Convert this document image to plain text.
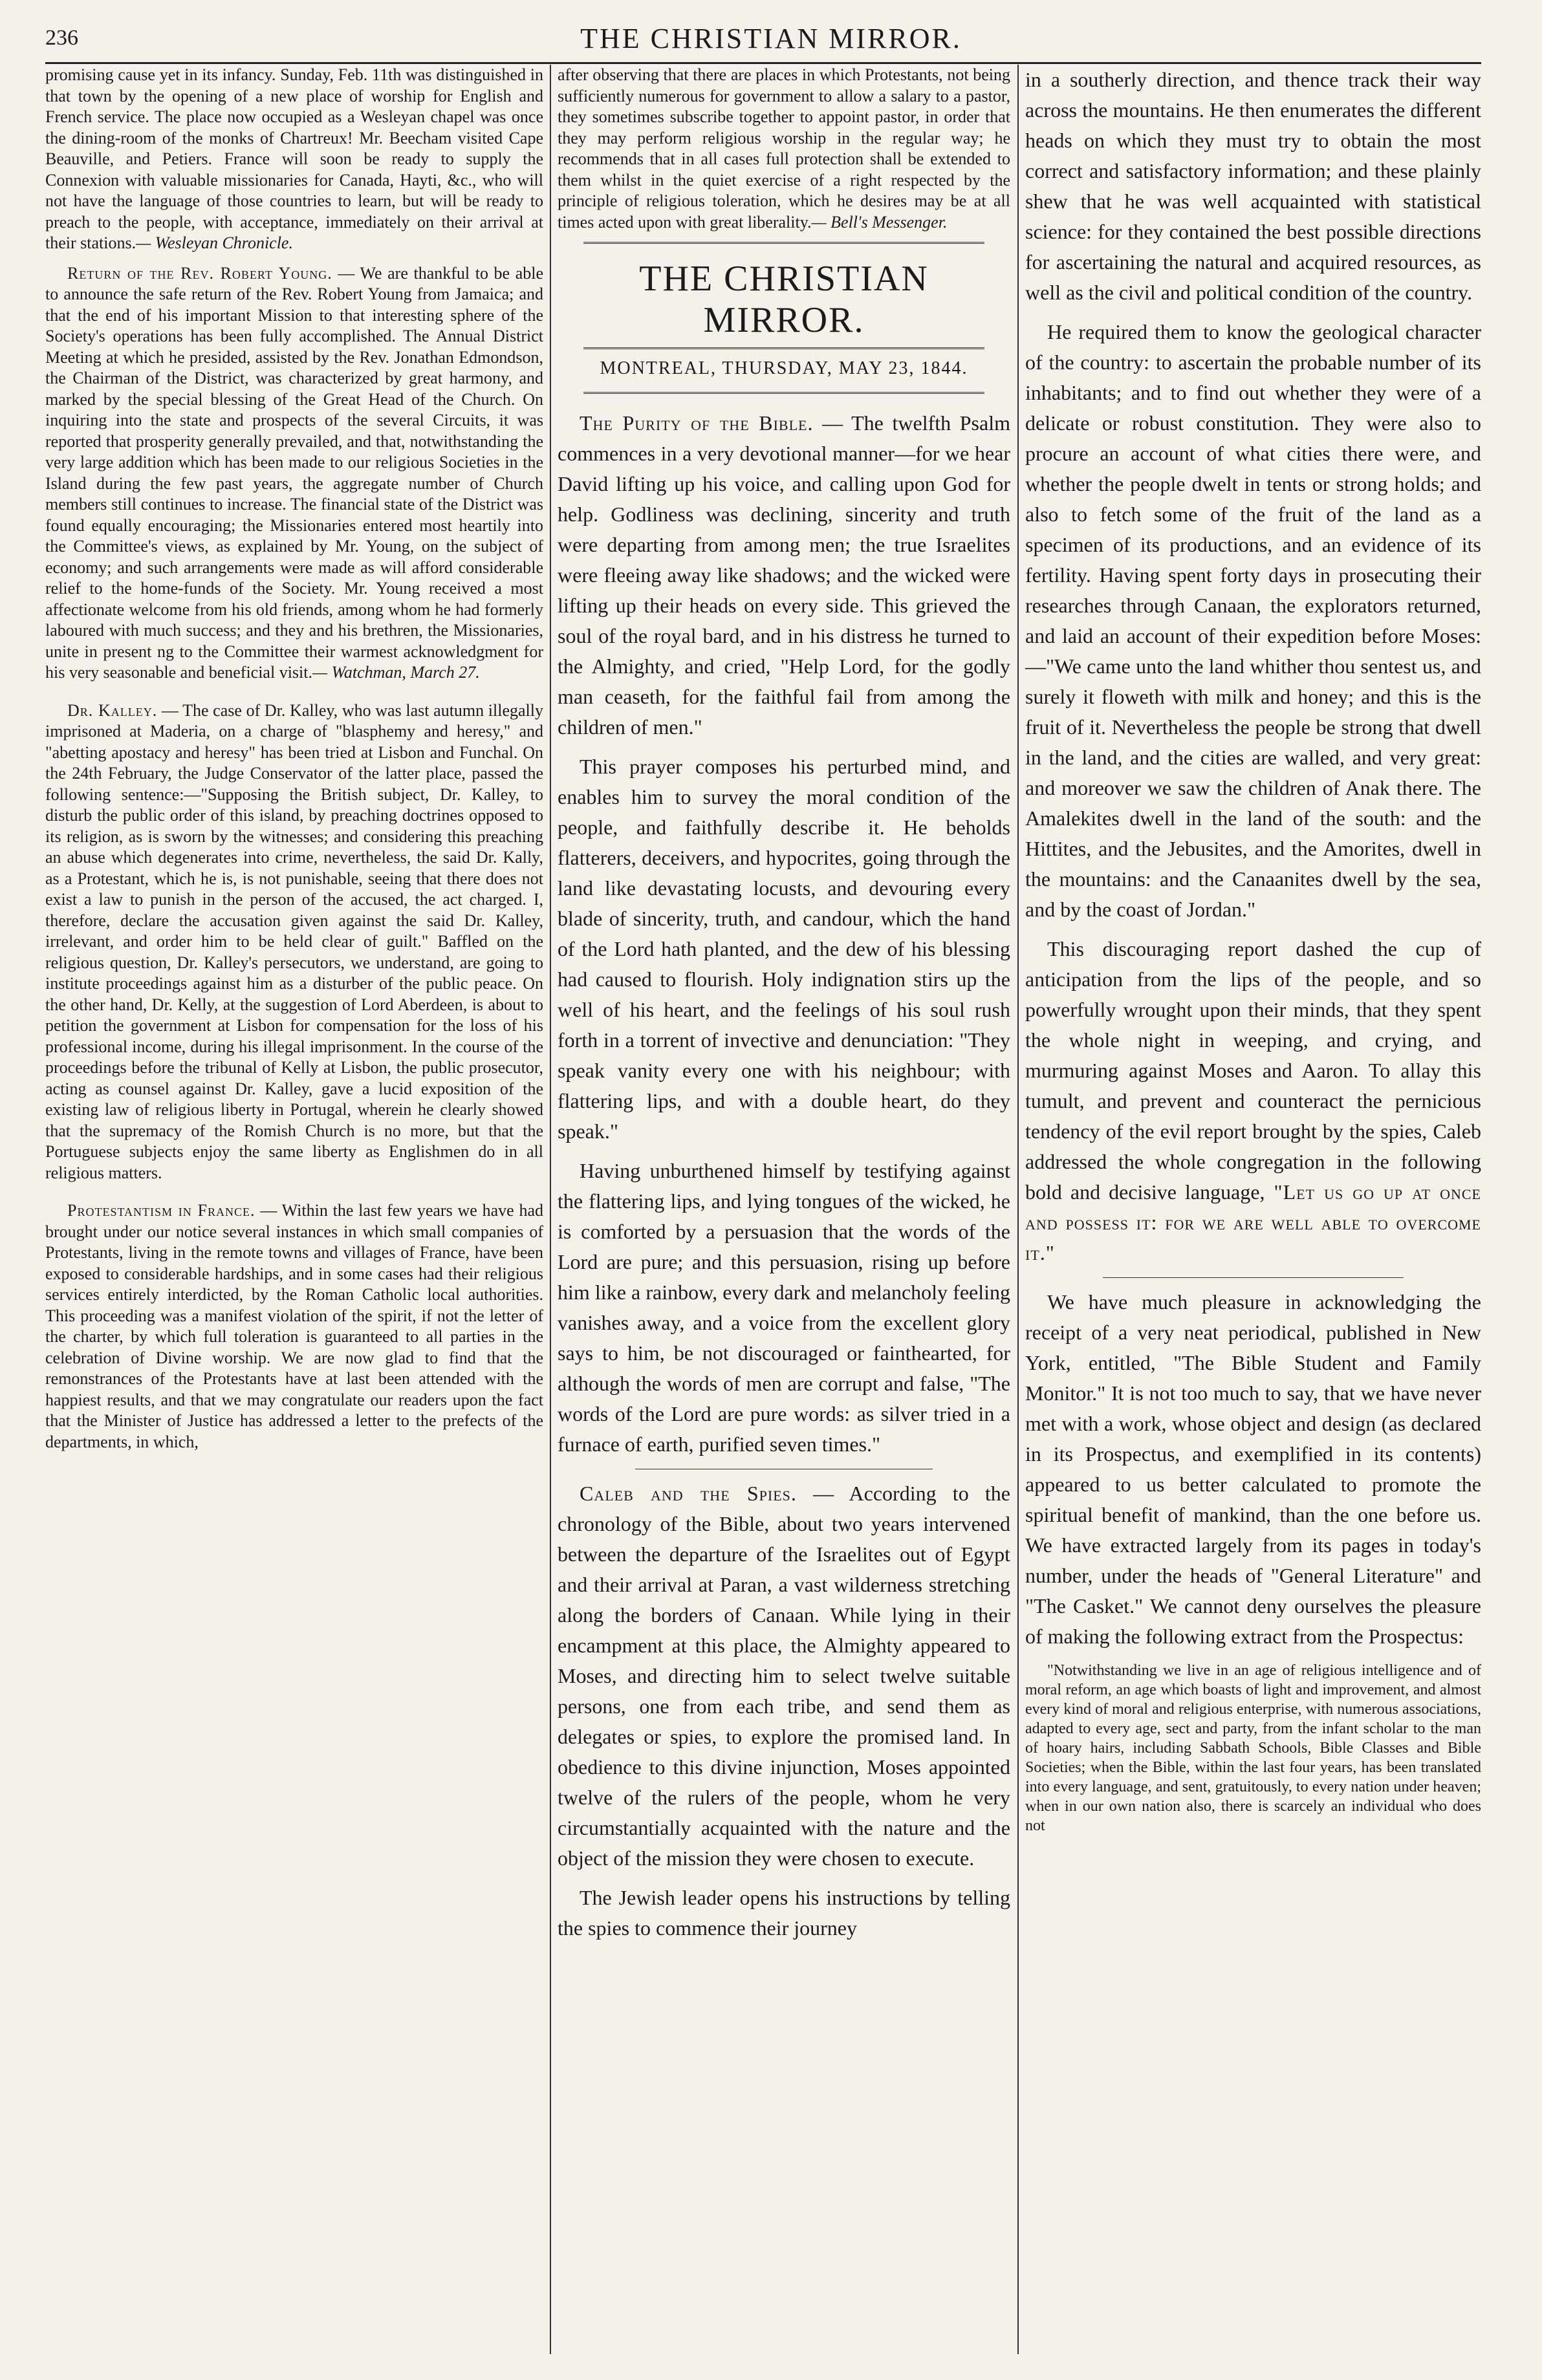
236	THE CHRISTIAN MIRROR.

promising cause yet in its infancy. Sunday, Feb. 11th was distinguished in that town by the opening of a new place of worship for English and French service. The place now occupied as a Wesleyan chapel was once the dining-room of the monks of Chartreux! Mr. Beecham visited Cape Beauville, and Petiers. France will soon be ready to supply the Connexion with valuable missionaries for Canada, Hayti, &c., who will not have the language of those countries to learn, but will be ready to preach to the people, with acceptance, immediately on their arrival at their stations.— Wesleyan Chronicle.

Return of the Rev. Robert Young. — We are thankful to be able to announce the safe return of the Rev. Robert Young from Jamaica; and that the end of his important Mission to that interesting sphere of the Society's operations has been fully accomplished. The Annual District Meeting at which he presided, assisted by the Rev. Jonathan Edmondson, the Chairman of the District, was characterized by great harmony, and marked by the special blessing of the Great Head of the Church. On inquiring into the state and prospects of the several Circuits, it was reported that prosperity generally prevailed, and that, notwithstanding the very large addition which has been made to our religious Societies in the Island during the few past years, the aggregate number of Church members still continues to increase. The financial state of the District was found equally encouraging; the Missionaries entered most heartily into the Committee's views, as explained by Mr. Young, on the subject of economy; and such arrangements were made as will afford considerable relief to the home-funds of the Society. Mr. Young received a most affectionate welcome from his old friends, among whom he had formerly laboured with much success; and they and his brethren, the Missionaries, unite in present ng to the Committee their warmest acknowledgment for his very seasonable and beneficial visit.— Watchman, March 27.

Dr. Kalley. — The case of Dr. Kalley, who was last autumn illegally imprisoned at Maderia, on a charge of "blasphemy and heresy," and "abetting apostacy and heresy" has been tried at Lisbon and Funchal. On the 24th February, the Judge Conservator of the latter place, passed the following sentence:—"Supposing the British subject, Dr. Kalley, to disturb the public order of this island, by preaching doctrines opposed to its religion, as is sworn by the witnesses; and considering this preaching an abuse which degenerates into crime, nevertheless, the said Dr. Kally, as a Protestant, which he is, is not punishable, seeing that there does not exist a law to punish in the person of the accused, the act charged. I, therefore, declare the accusation given against the said Dr. Kalley, irrelevant, and order him to be held clear of guilt." Baffled on the religious question, Dr. Kalley's persecutors, we understand, are going to institute proceedings against him as a disturber of the public peace. On the other hand, Dr. Kelly, at the suggestion of Lord Aberdeen, is about to petition the government at Lisbon for compensation for the loss of his professional income, during his illegal imprisonment. In the course of the proceedings before the tribunal of Kelly at Lisbon, the public prosecutor, acting as counsel against Dr. Kalley, gave a lucid exposition of the existing law of religious liberty in Portugal, wherein he clearly showed that the supremacy of the Romish Church is no more, but that the Portuguese subjects enjoy the same liberty as Englishmen do in all religious matters.

Protestantism in France. — Within the last few years we have had brought under our notice several instances in which small companies of Protestants, living in the remote towns and villages of France, have been exposed to considerable hardships, and in some cases had their religious services entirely interdicted, by the Roman Catholic local authorities. This proceeding was a manifest violation of the spirit, if not the letter of the charter, by which full toleration is guaranteed to all parties in the celebration of Divine worship. We are now glad to find that the remonstrances of the Protestants have at last been attended with the happiest results, and that we may congratulate our readers upon the fact that the Minister of Justice has addressed a letter to the prefects of the departments, in which,

after observing that there are places in which Protestants, not being sufficiently numerous for government to allow a salary to a pastor, they sometimes subscribe together to appoint pastor, in order that they may perform religious worship in the regular way; he recommends that in all cases full protection shall be extended to them whilst in the quiet exercise of a right respected by the principle of religious toleration, which he desires may be at all times acted upon with great liberality.— Bell's Messenger.

THE CHRISTIAN MIRROR.
MONTREAL, THURSDAY, MAY 23, 1844.

The Purity of the Bible. — The twelfth Psalm commences in a very devotional manner—for we hear David lifting up his voice, and calling upon God for help. Godliness was declining, sincerity and truth were departing from among men; the true Israelites were fleeing away like shadows; and the wicked were lifting up their heads on every side. This grieved the soul of the royal bard, and in his distress he turned to the Almighty, and cried, "Help Lord, for the godly man ceaseth, for the faithful fail from among the children of men."

This prayer composes his perturbed mind, and enables him to survey the moral condition of the people, and faithfully describe it. He beholds flatterers, deceivers, and hypocrites, going through the land like devastating locusts, and devouring every blade of sincerity, truth, and candour, which the hand of the Lord hath planted, and the dew of his blessing had caused to flourish. Holy indignation stirs up the well of his heart, and the feelings of his soul rush forth in a torrent of invective and denunciation: "They speak vanity every one with his neighbour; with flattering lips, and with a double heart, do they speak."

Having unburthened himself by testifying against the flattering lips, and lying tongues of the wicked, he is comforted by a persuasion that the words of the Lord are pure; and this persuasion, rising up before him like a rainbow, every dark and melancholy feeling vanishes away, and a voice from the excellent glory says to him, be not discouraged or fainthearted, for although the words of men are corrupt and false, "The words of the Lord are pure words: as silver tried in a furnace of earth, purified seven times."

Caleb and the Spies. — According to the chronology of the Bible, about two years intervened between the departure of the Israelites out of Egypt and their arrival at Paran, a vast wilderness stretching along the borders of Canaan. While lying in their encampment at this place, the Almighty appeared to Moses, and directing him to select twelve suitable persons, one from each tribe, and send them as delegates or spies, to explore the promised land. In obedience to this divine injunction, Moses appointed twelve of the rulers of the people, whom he very circumstantially acquainted with the nature and the object of the mission they were chosen to execute.

The Jewish leader opens his instructions by telling the spies to commence their journey

in a southerly direction, and thence track their way across the mountains. He then enumerates the different heads on which they must try to obtain the most correct and satisfactory information; and these plainly shew that he was well acquainted with statistical science: for they contained the best possible directions for ascertaining the natural and acquired resources, as well as the civil and political condition of the country.

He required them to know the geological character of the country: to ascertain the probable number of its inhabitants; and to find out whether they were of a delicate or robust constitution. They were also to procure an account of what cities there were, and whether the people dwelt in tents or strong holds; and also to fetch some of the fruit of the land as a specimen of its productions, and an evidence of its fertility. Having spent forty days in prosecuting their researches through Canaan, the explorators returned, and laid an account of their expedition before Moses:—"We came unto the land whither thou sentest us, and surely it floweth with milk and honey; and this is the fruit of it. Nevertheless the people be strong that dwell in the land, and the cities are walled, and very great: and moreover we saw the children of Anak there. The Amalekites dwell in the land of the south: and the Hittites, and the Jebusites, and the Amorites, dwell in the mountains: and the Canaanites dwell by the sea, and by the coast of Jordan."

This discouraging report dashed the cup of anticipation from the lips of the people, and so powerfully wrought upon their minds, that they spent the whole night in weeping, and crying, and murmuring against Moses and Aaron. To allay this tumult, and prevent and counteract the pernicious tendency of the evil report brought by the spies, Caleb addressed the whole congregation in the following bold and decisive language, "Let us go up at once and possess it: for we are well able to overcome it."

We have much pleasure in acknowledging the receipt of a very neat periodical, published in New York, entitled, "The Bible Student and Family Monitor." It is not too much to say, that we have never met with a work, whose object and design (as declared in its Prospectus, and exemplified in its contents) appeared to us better calculated to promote the spiritual benefit of mankind, than the one before us. We have extracted largely from its pages in today's number, under the heads of "General Literature" and "The Casket." We cannot deny ourselves the pleasure of making the following extract from the Prospectus:

"Notwithstanding we live in an age of religious intelligence and of moral reform, an age which boasts of light and improvement, and almost every kind of moral and religious enterprise, with numerous associations, adapted to every age, sect and party, from the infant scholar to the man of hoary hairs, including Sabbath Schools, Bible Classes and Bible Societies; when the Bible, within the last four years, has been translated into every language, and sent, gratuitously, to every nation under heaven; when in our own nation also, there is scarcely an individual who does not
